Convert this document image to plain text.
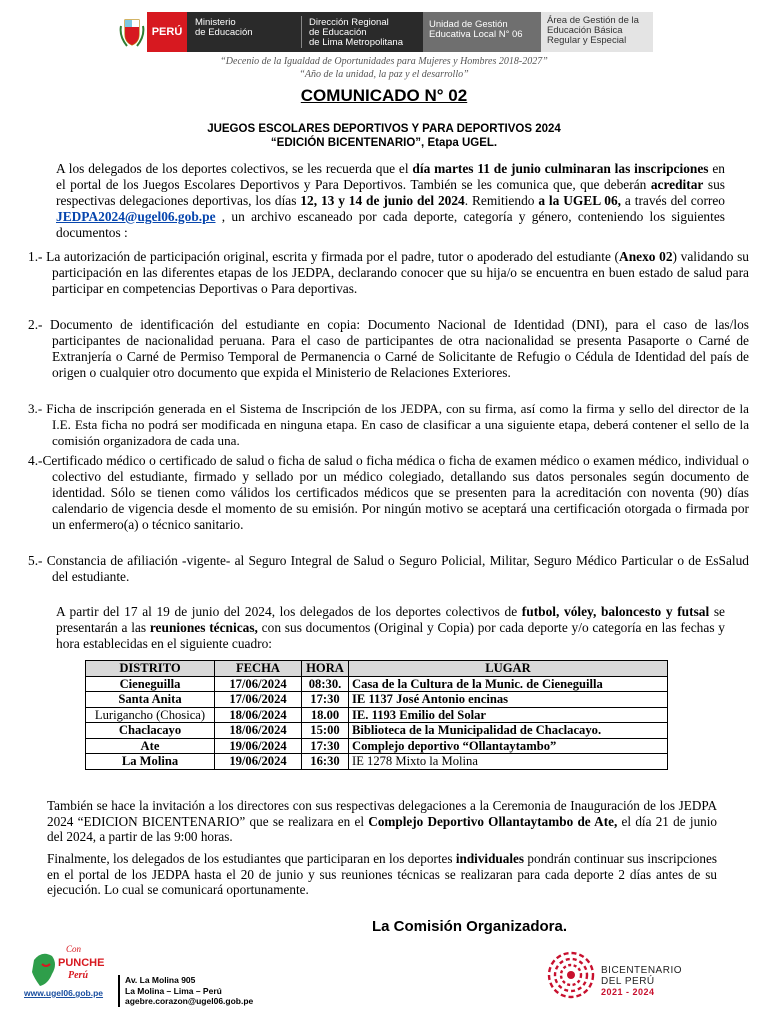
PERÚ
Ministerio
de Educación
Dirección Regional
de Educación
de Lima Metropolitana
Unidad de Gestión
Educativa Local N° 06
Área de Gestión de la
Educación Básica
Regular y Especial
“Decenio de la Igualdad de Oportunidades para Mujeres y Hombres 2018-2027”
“Año de la unidad, la paz y el desarrollo”
COMUNICADO N° 02
JUEGOS ESCOLARES DEPORTIVOS Y PARA DEPORTIVOS 2024
“EDICIÓN BICENTENARIO”, Etapa UGEL.
A los delegados de los deportes colectivos, se les recuerda que el día martes 11 de junio culminaran las inscripciones en el portal de los Juegos Escolares Deportivos y Para Deportivos. También se les comunica que, que deberán acreditar sus respectivas delegaciones deportivas, los días 12, 13 y 14 de junio del 2024. Remitiendo a la UGEL 06, a través del correo JEDPA2024@ugel06.gob.pe , un archivo escaneado por cada deporte, categoría y género, conteniendo los siguientes documentos :
1.- La autorización de participación original, escrita y firmada por el padre, tutor o apoderado del estudiante (Anexo 02) validando su participación en las diferentes etapas de los JEDPA, declarando conocer que su hija/o se encuentra en buen estado de salud para participar en competencias Deportivas o Para deportivas.
2.- Documento de identificación del estudiante en copia: Documento Nacional de Identidad (DNI), para el caso de las/los participantes de nacionalidad peruana. Para el caso de participantes de otra nacionalidad se presenta Pasaporte o Carné de Extranjería o Carné de Permiso Temporal de Permanencia o Carné de Solicitante de Refugio o Cédula de Identidad del país de origen o cualquier otro documento que expida el Ministerio de Relaciones Exteriores.
3.- Ficha de inscripción generada en el Sistema de Inscripción de los JEDPA, con su firma, así como la firma y sello del director de la I.E. Esta ficha no podrá ser modificada en ninguna etapa. En caso de clasificar a una siguiente etapa, deberá contener el sello de la comisión organizadora de cada una.
4.-Certificado médico o certificado de salud o ficha de salud o ficha médica o ficha de examen médico o examen médico, individual o colectivo del estudiante, firmado y sellado por un médico colegiado, detallando sus datos personales según documento de identidad. Sólo se tienen como válidos los certificados médicos que se presenten para la acreditación con noventa (90) días calendario de vigencia desde el momento de su emisión. Por ningún motivo se aceptará una certificación otorgada o firmada por un enfermero(a) o técnico sanitario.
5.- Constancia de afiliación -vigente- al Seguro Integral de Salud o Seguro Policial, Militar, Seguro Médico Particular o de EsSalud del estudiante.
A partir del 17 al 19 de junio del 2024, los delegados de los deportes colectivos de futbol, vóley, baloncesto y futsal se presentarán a las reuniones técnicas, con sus documentos (Original y Copia) por cada deporte y/o categoría en las fechas y hora establecidas en el siguiente cuadro:
DISTRITO	FECHA	HORA	LUGAR
Cieneguilla	17/06/2024	08:30.	Casa de la Cultura de la Munic. de Cieneguilla
Santa Anita	17/06/2024	17:30	IE 1137 José Antonio encinas
Lurigancho (Chosica)	18/06/2024	18.00	IE. 1193 Emilio del Solar
Chaclacayo	18/06/2024	15:00	Biblioteca de la Municipalidad de Chaclacayo.
Ate	19/06/2024	17:30	Complejo deportivo “Ollantaytambo”
La Molina	19/06/2024	16:30	IE 1278 Mixto la Molina
También se hace la invitación a los directores con sus respectivas delegaciones a la Ceremonia de Inauguración de los JEDPA 2024 “EDICION BICENTENARIO” que se realizara en el Complejo Deportivo Ollantaytambo de Ate, el día 21 de junio del 2024, a partir de las 9:00 horas.
Finalmente, los delegados de los estudiantes que participaran en los deportes individuales pondrán continuar sus inscripciones en el portal de los JEDPA hasta el 20 de junio y sus reuniones técnicas se realizaran para cada deporte 2 días antes de su ejecución. Lo cual se comunicará oportunamente.
La Comisión Organizadora.
Con
PUNCHE
Perú
www.ugel06.gob.pe
Av. La Molina 905
La Molina – Lima – Perú
agebre.corazon@ugel06.gob.pe
BICENTENARIO
DEL PERÚ
2021 - 2024
